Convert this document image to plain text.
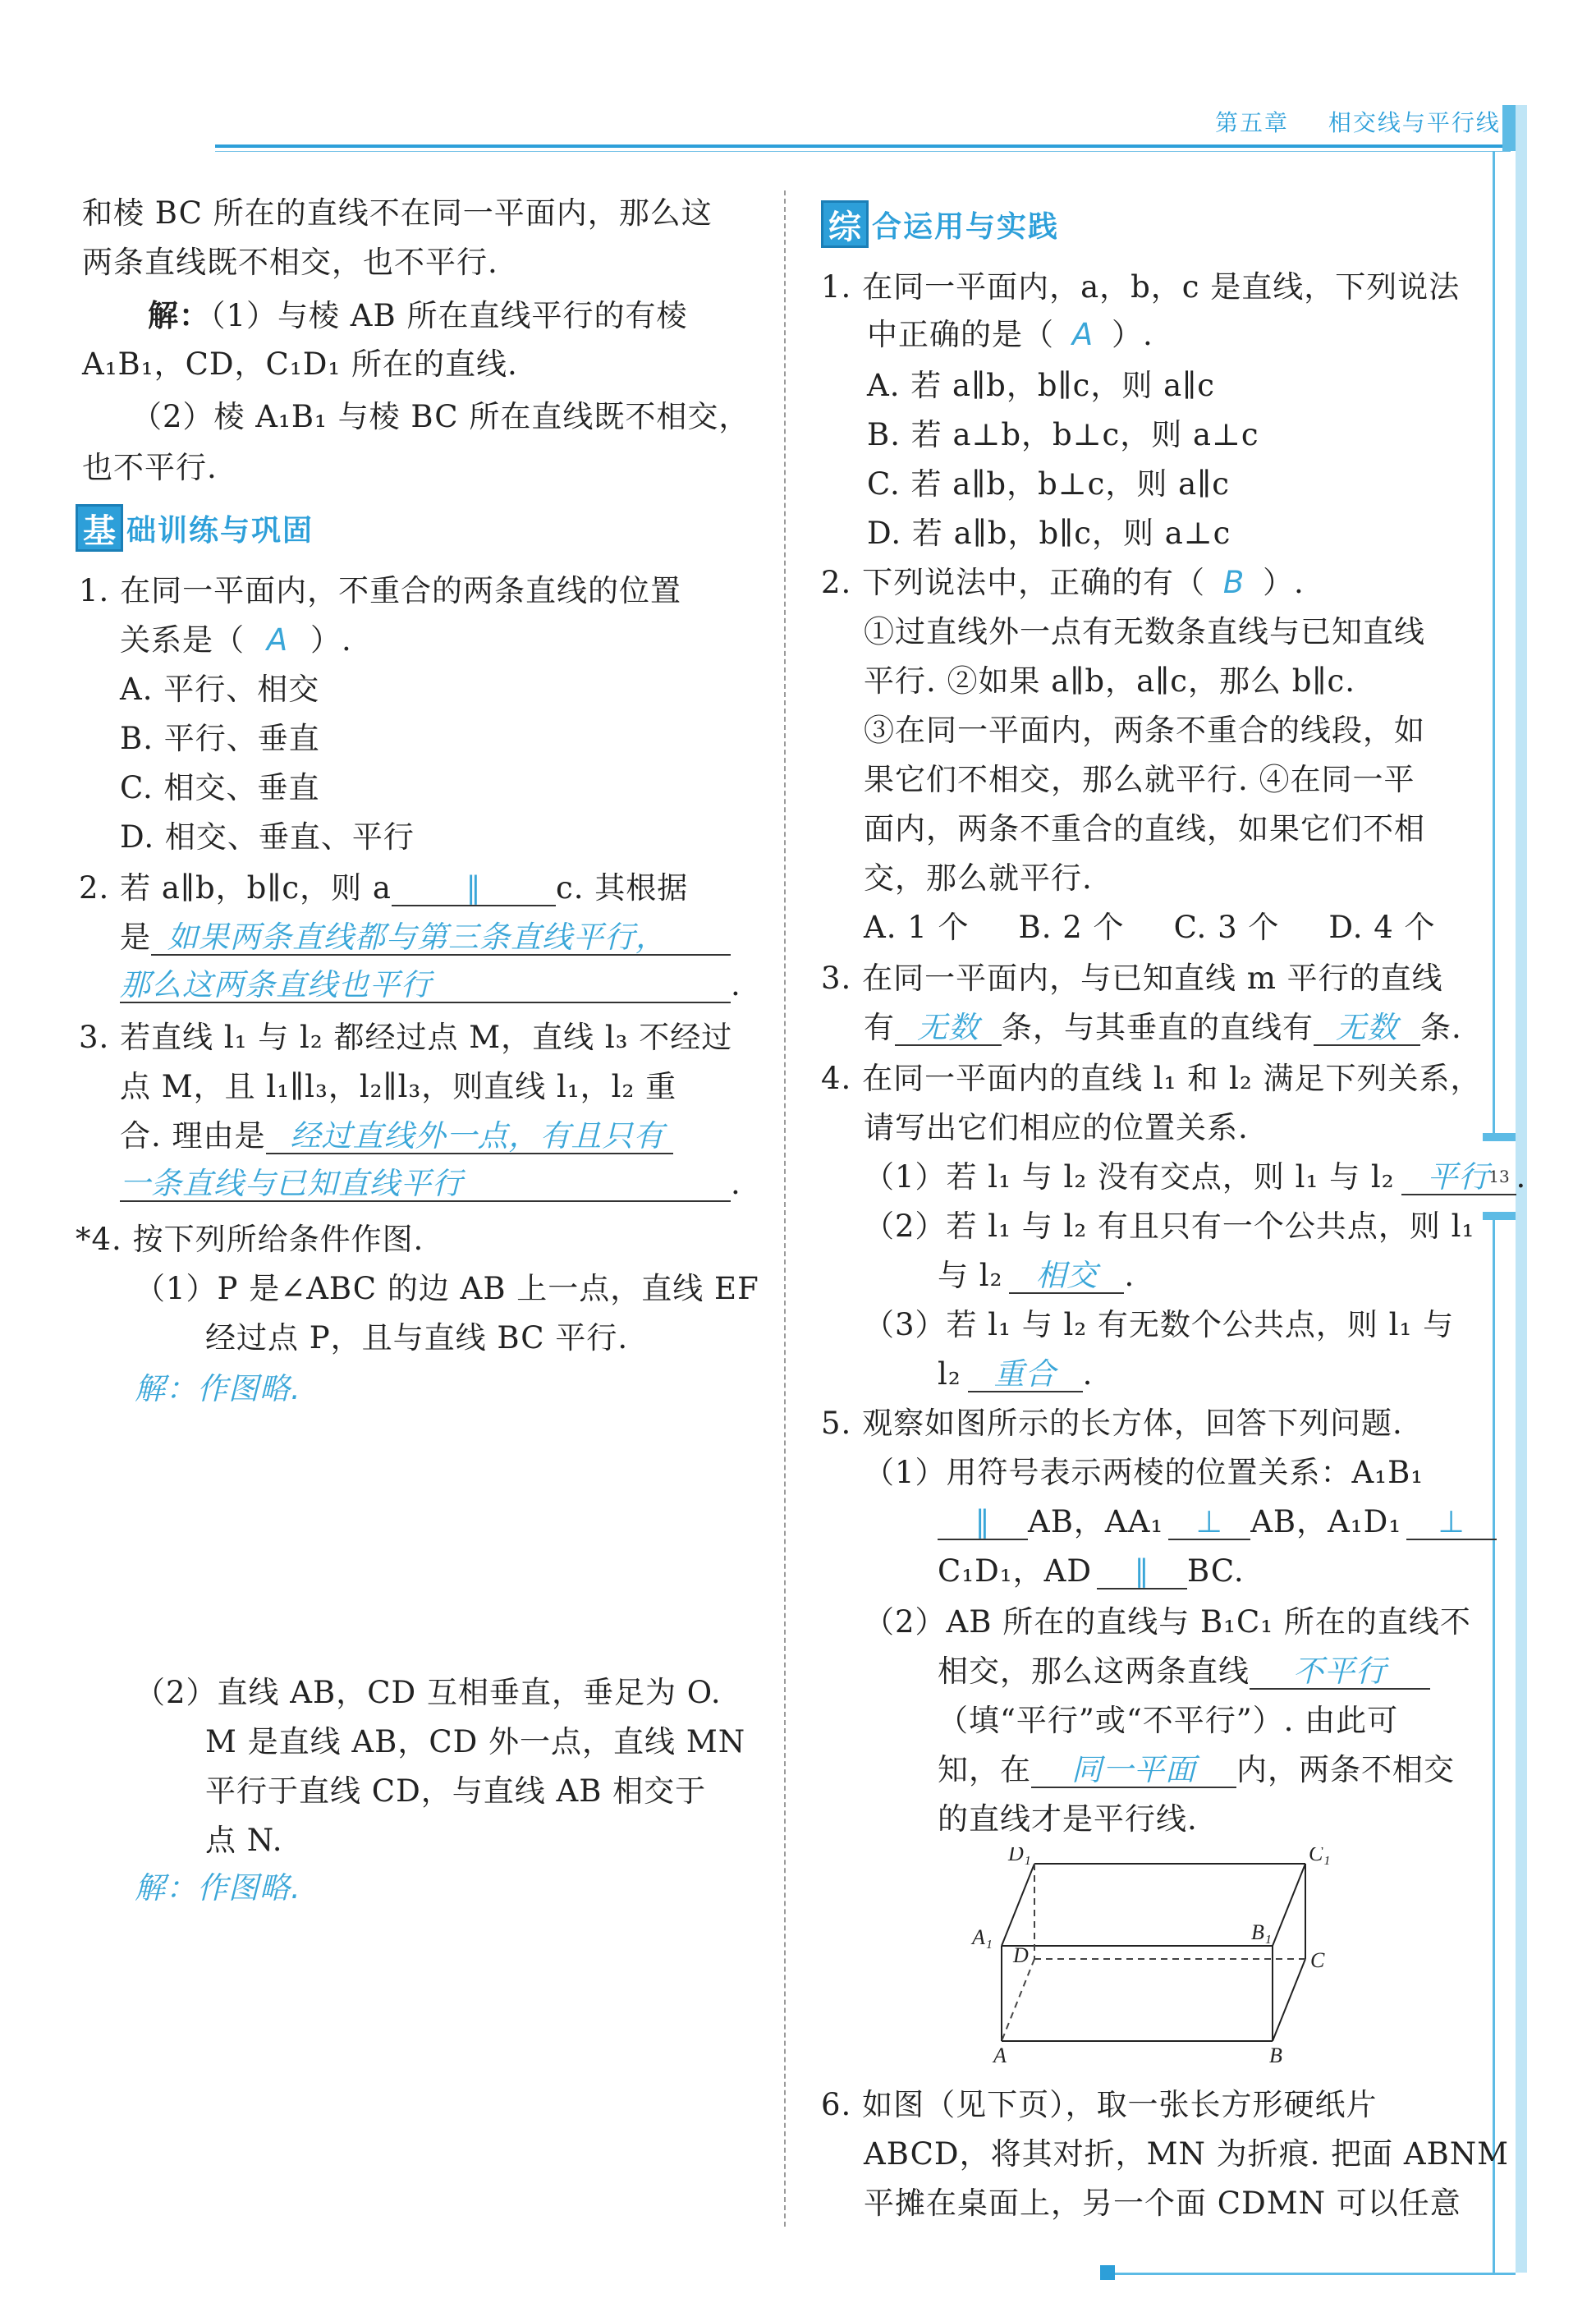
第五章 相交线与平行线
13
和棱 BC 所在的直线不在同一平面内，那么这
两条直线既不相交，也不平行.
解：（1）与棱 AB 所在直线平行的有棱
A₁B₁，CD，C₁D₁ 所在的直线.
（2）棱 A₁B₁ 与棱 BC 所在直线既不相交，
也不平行.
基 础训练与巩固
1. 在同一平面内，不重合的两条直线的位置
关系是（ A ）.
A. 平行、相交
B. 平行、垂直
C. 相交、垂直
D. 相交、垂直、平行
2. 若 a∥b，b∥c，则 a ∥ c. 其根据
是 如果两条直线都与第三条直线平行，
那么这两条直线也平行	.
3. 若直线 l₁ 与 l₂ 都经过点 M，直线 l₃ 不经过
点 M，且 l₁∥l₃，l₂∥l₃，则直线 l₁，l₂ 重
合. 理由是 经过直线外一点，有且只有
一条直线与已知直线平行	.
*4. 按下列所给条件作图.
（1）P 是∠ABC 的边 AB 上一点，直线 EF
经过点 P，且与直线 BC 平行.
解：作图略.
（2）直线 AB，CD 互相垂直，垂足为 O.
M 是直线 AB，CD 外一点，直线 MN
平行于直线 CD，与直线 AB 相交于
点 N.
解：作图略.
综 合运用与实践
1. 在同一平面内，a，b，c 是直线，下列说法
中正确的是（ A ）.
A. 若 a∥b，b∥c，则 a∥c
B. 若 a⊥b，b⊥c，则 a⊥c
C. 若 a∥b，b⊥c，则 a∥c
D. 若 a∥b，b∥c，则 a⊥c
2. 下列说法中，正确的有（ B ）.
①过直线外一点有无数条直线与已知直线
平行. ②如果 a∥b，a∥c，那么 b∥c.
③在同一平面内，两条不重合的线段，如
果它们不相交，那么就平行. ④在同一平
面内，两条不重合的直线，如果它们不相
交，那么就平行.
A. 1 个 B. 2 个 C. 3 个 D. 4 个
3. 在同一平面内，与已知直线 m 平行的直线
有 无数 条，与其垂直的直线有 无数 条.
4. 在同一平面内的直线 l₁ 和 l₂ 满足下列关系，
请写出它们相应的位置关系.
（1）若 l₁ 与 l₂ 没有交点，则 l₁ 与 l₂ 平行 .
（2）若 l₁ 与 l₂ 有且只有一个公共点，则 l₁
与 l₂ 相交 .
（3）若 l₁ 与 l₂ 有无数个公共点，则 l₁ 与
l₂ 重合 .
5. 观察如图所示的长方体，回答下列问题.
（1）用符号表示两棱的位置关系：A₁B₁
∥ AB，AA₁ ⊥ AB，A₁D₁ ⊥
C₁D₁，AD ∥ BC.
（2）AB 所在的直线与 B₁C₁ 所在的直线不
相交，那么这两条直线 不平行
（填“平行”或“不平行”）. 由此可
知，在 同一平面 内，两条不相交
的直线才是平行线.
D₁	C₁
A₁	B₁
D	C
A	B
6. 如图（见下页），取一张长方形硬纸片
ABCD，将其对折，MN 为折痕. 把面 ABNM
平摊在桌面上，另一个面 CDMN 可以任意
